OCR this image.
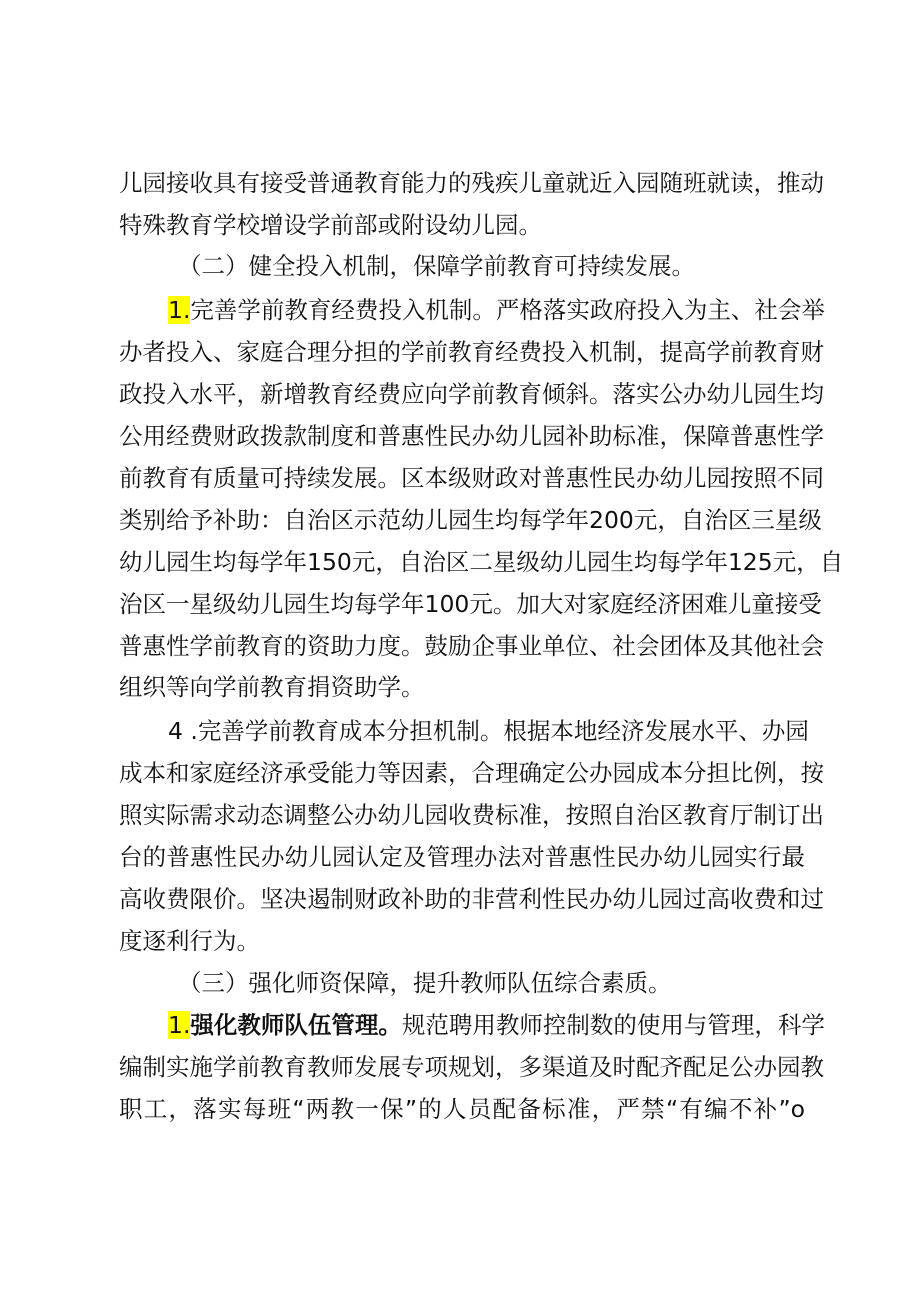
儿园接收具有接受普通教育能力的残疾儿童就近入园随班就读，推动
特殊教育学校增设学前部或附设幼儿园。
（二）健全投入机制，保障学前教育可持续发展。
1.完善学前教育经费投入机制。严格落实政府投入为主、社会举
办者投入、家庭合理分担的学前教育经费投入机制，提高学前教育财
政投入水平，新增教育经费应向学前教育倾斜。落实公办幼儿园生均
公用经费财政拨款制度和普惠性民办幼儿园补助标准，保障普惠性学
前教育有质量可持续发展。区本级财政对普惠性民办幼儿园按照不同
类别给予补助：自治区示范幼儿园生均每学年200元，自治区三星级
幼儿园生均每学年150元，自治区二星级幼儿园生均每学年125元，自
治区一星级幼儿园生均每学年100元。加大对家庭经济困难儿童接受
普惠性学前教育的资助力度。鼓励企事业单位、社会团体及其他社会
组织等向学前教育捐资助学。
4 .完善学前教育成本分担机制。根据本地经济发展水平、办园
成本和家庭经济承受能力等因素，合理确定公办园成本分担比例，按
照实际需求动态调整公办幼儿园收费标准，按照自治区教育厅制订出
台的普惠性民办幼儿园认定及管理办法对普惠性民办幼儿园实行最
高收费限价。坚决遏制财政补助的非营利性民办幼儿园过高收费和过
度逐利行为。
（三）强化师资保障，提升教师队伍综合素质。
1.强化教师队伍管理。规范聘用教师控制数的使用与管理，科学
编制实施学前教育教师发展专项规划，多渠道及时配齐配足公办园教
职工，落实每班“两教一保”的人员配备标准，严禁“有编不补”o
